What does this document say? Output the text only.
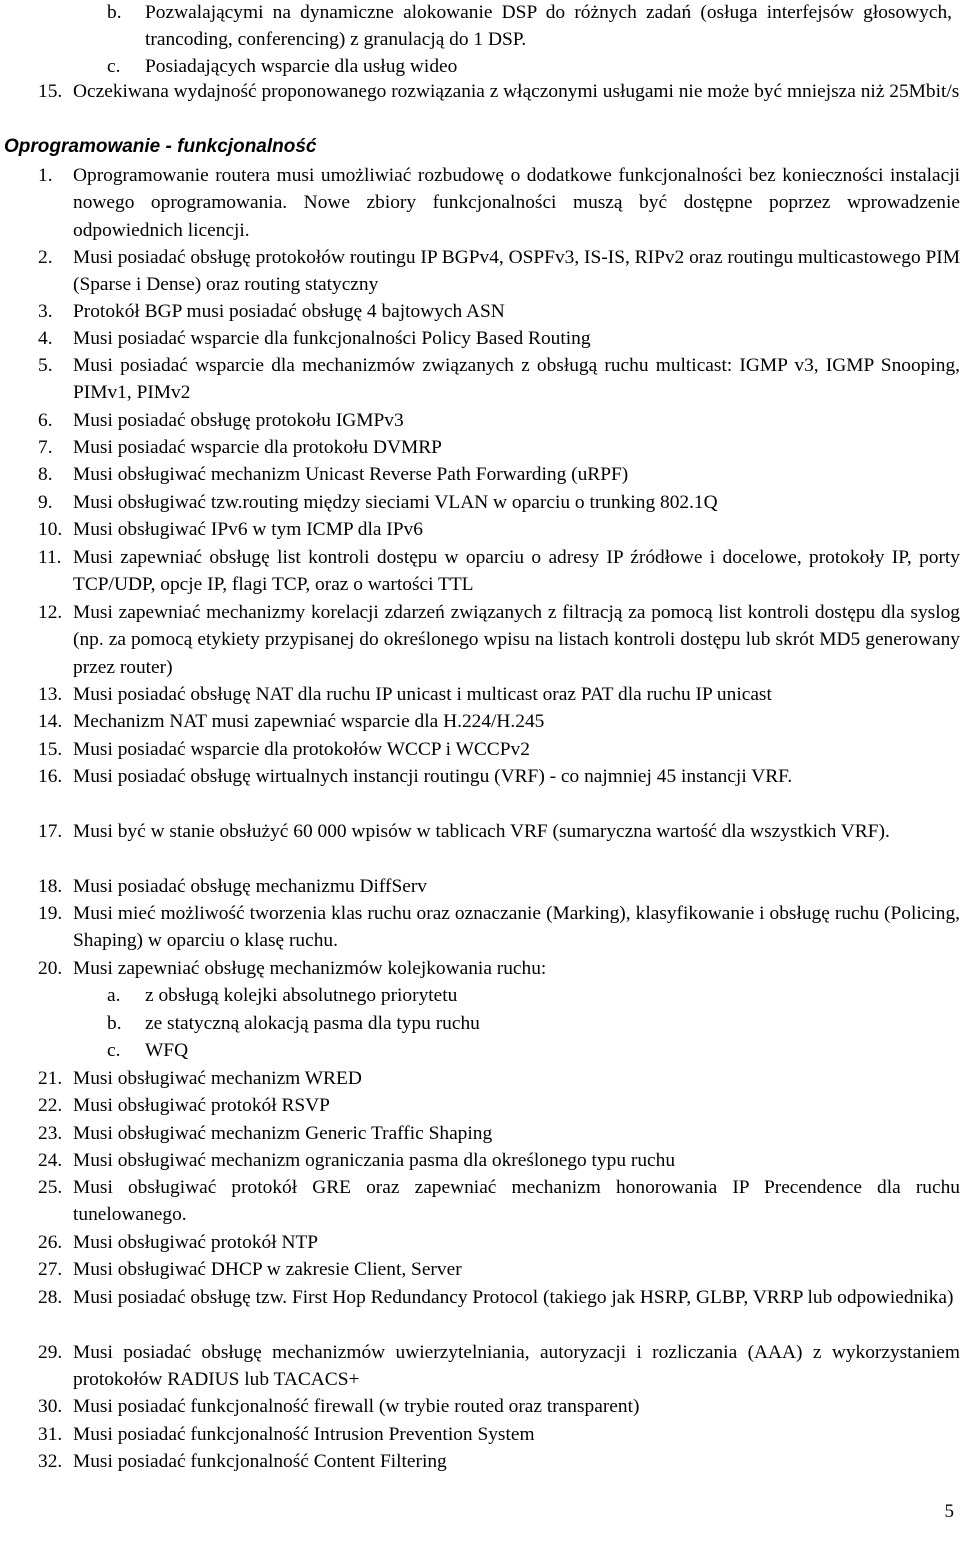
b.	Pozwalającymi na dynamiczne alokowanie DSP do różnych zadań (osługa interfejsów głosowych, trancoding, conferencing) z granulacją do 1 DSP.
c.	Posiadających wsparcie dla usług wideo
15. Oczekiwana wydajność proponowanego rozwiązania z włączonymi usługami nie może być mniejsza niż 25Mbit/s
Oprogramowanie - funkcjonalność
1.	Oprogramowanie routera musi umożliwiać rozbudowę o dodatkowe funkcjonalności bez konieczności instalacji nowego oprogramowania. Nowe zbiory funkcjonalności muszą być dostępne poprzez wprowadzenie odpowiednich licencji.
2.	Musi posiadać obsługę protokołów routingu IP BGPv4, OSPFv3, IS-IS, RIPv2 oraz routingu multicastowego PIM (Sparse i Dense) oraz routing statyczny
3.	Protokół BGP musi posiadać obsługę 4 bajtowych ASN
4.	Musi posiadać wsparcie dla funkcjonalności Policy Based Routing
5.	Musi posiadać wsparcie dla mechanizmów związanych z obsługą ruchu multicast: IGMP v3, IGMP Snooping, PIMv1, PIMv2
6.	Musi posiadać obsługę protokołu IGMPv3
7.	Musi posiadać wsparcie dla protokołu DVMRP
8.	Musi obsługiwać mechanizm Unicast Reverse Path Forwarding (uRPF)
9.	Musi obsługiwać tzw.routing między sieciami VLAN w oparciu o trunking 802.1Q
10. Musi obsługiwać IPv6 w tym ICMP dla IPv6
11. Musi zapewniać obsługę list kontroli dostępu w oparciu o adresy IP źródłowe i docelowe, protokoły IP, porty TCP/UDP, opcje IP, flagi TCP, oraz o wartości TTL
12. Musi zapewniać mechanizmy korelacji zdarzeń związanych z filtracją za pomocą list kontroli dostępu dla syslog (np. za pomocą etykiety przypisanej do określonego wpisu na listach kontroli dostępu lub skrót MD5 generowany przez router)
13. Musi posiadać obsługę NAT dla ruchu IP unicast i multicast oraz PAT dla ruchu IP unicast
14. Mechanizm NAT musi zapewniać wsparcie dla H.224/H.245
15. Musi posiadać wsparcie dla protokołów WCCP i WCCPv2
16. Musi posiadać obsługę wirtualnych instancji routingu (VRF) - co najmniej 45 instancji VRF.
17. Musi być w stanie obsłużyć 60 000 wpisów w tablicach VRF (sumaryczna wartość dla wszystkich VRF).
18. Musi posiadać obsługę mechanizmu DiffServ
19. Musi mieć możliwość tworzenia klas ruchu oraz oznaczanie (Marking), klasyfikowanie i obsługę ruchu (Policing, Shaping) w oparciu o klasę ruchu.
20. Musi zapewniać obsługę mechanizmów kolejkowania ruchu:
a.	z obsługą kolejki absolutnego priorytetu
b.	ze statyczną alokacją pasma dla typu ruchu
c.	WFQ
21. Musi obsługiwać mechanizm WRED
22. Musi obsługiwać protokół RSVP
23. Musi obsługiwać mechanizm Generic Traffic Shaping
24. Musi obsługiwać mechanizm ograniczania pasma dla określonego typu ruchu
25. Musi obsługiwać protokół GRE oraz zapewniać mechanizm honorowania IP Precendence dla ruchu tunelowanego.
26. Musi obsługiwać protokół NTP
27. Musi obsługiwać DHCP w zakresie Client, Server
28. Musi posiadać obsługę tzw. First Hop Redundancy Protocol (takiego jak HSRP, GLBP, VRRP lub odpowiednika)
29. Musi posiadać obsługę mechanizmów uwierzytelniania, autoryzacji i rozliczania (AAA) z wykorzystaniem protokołów RADIUS lub TACACS+
30. Musi posiadać funkcjonalność firewall (w trybie routed oraz transparent)
31. Musi posiadać funkcjonalność Intrusion Prevention System
32. Musi posiadać funkcjonalność Content Filtering
5
